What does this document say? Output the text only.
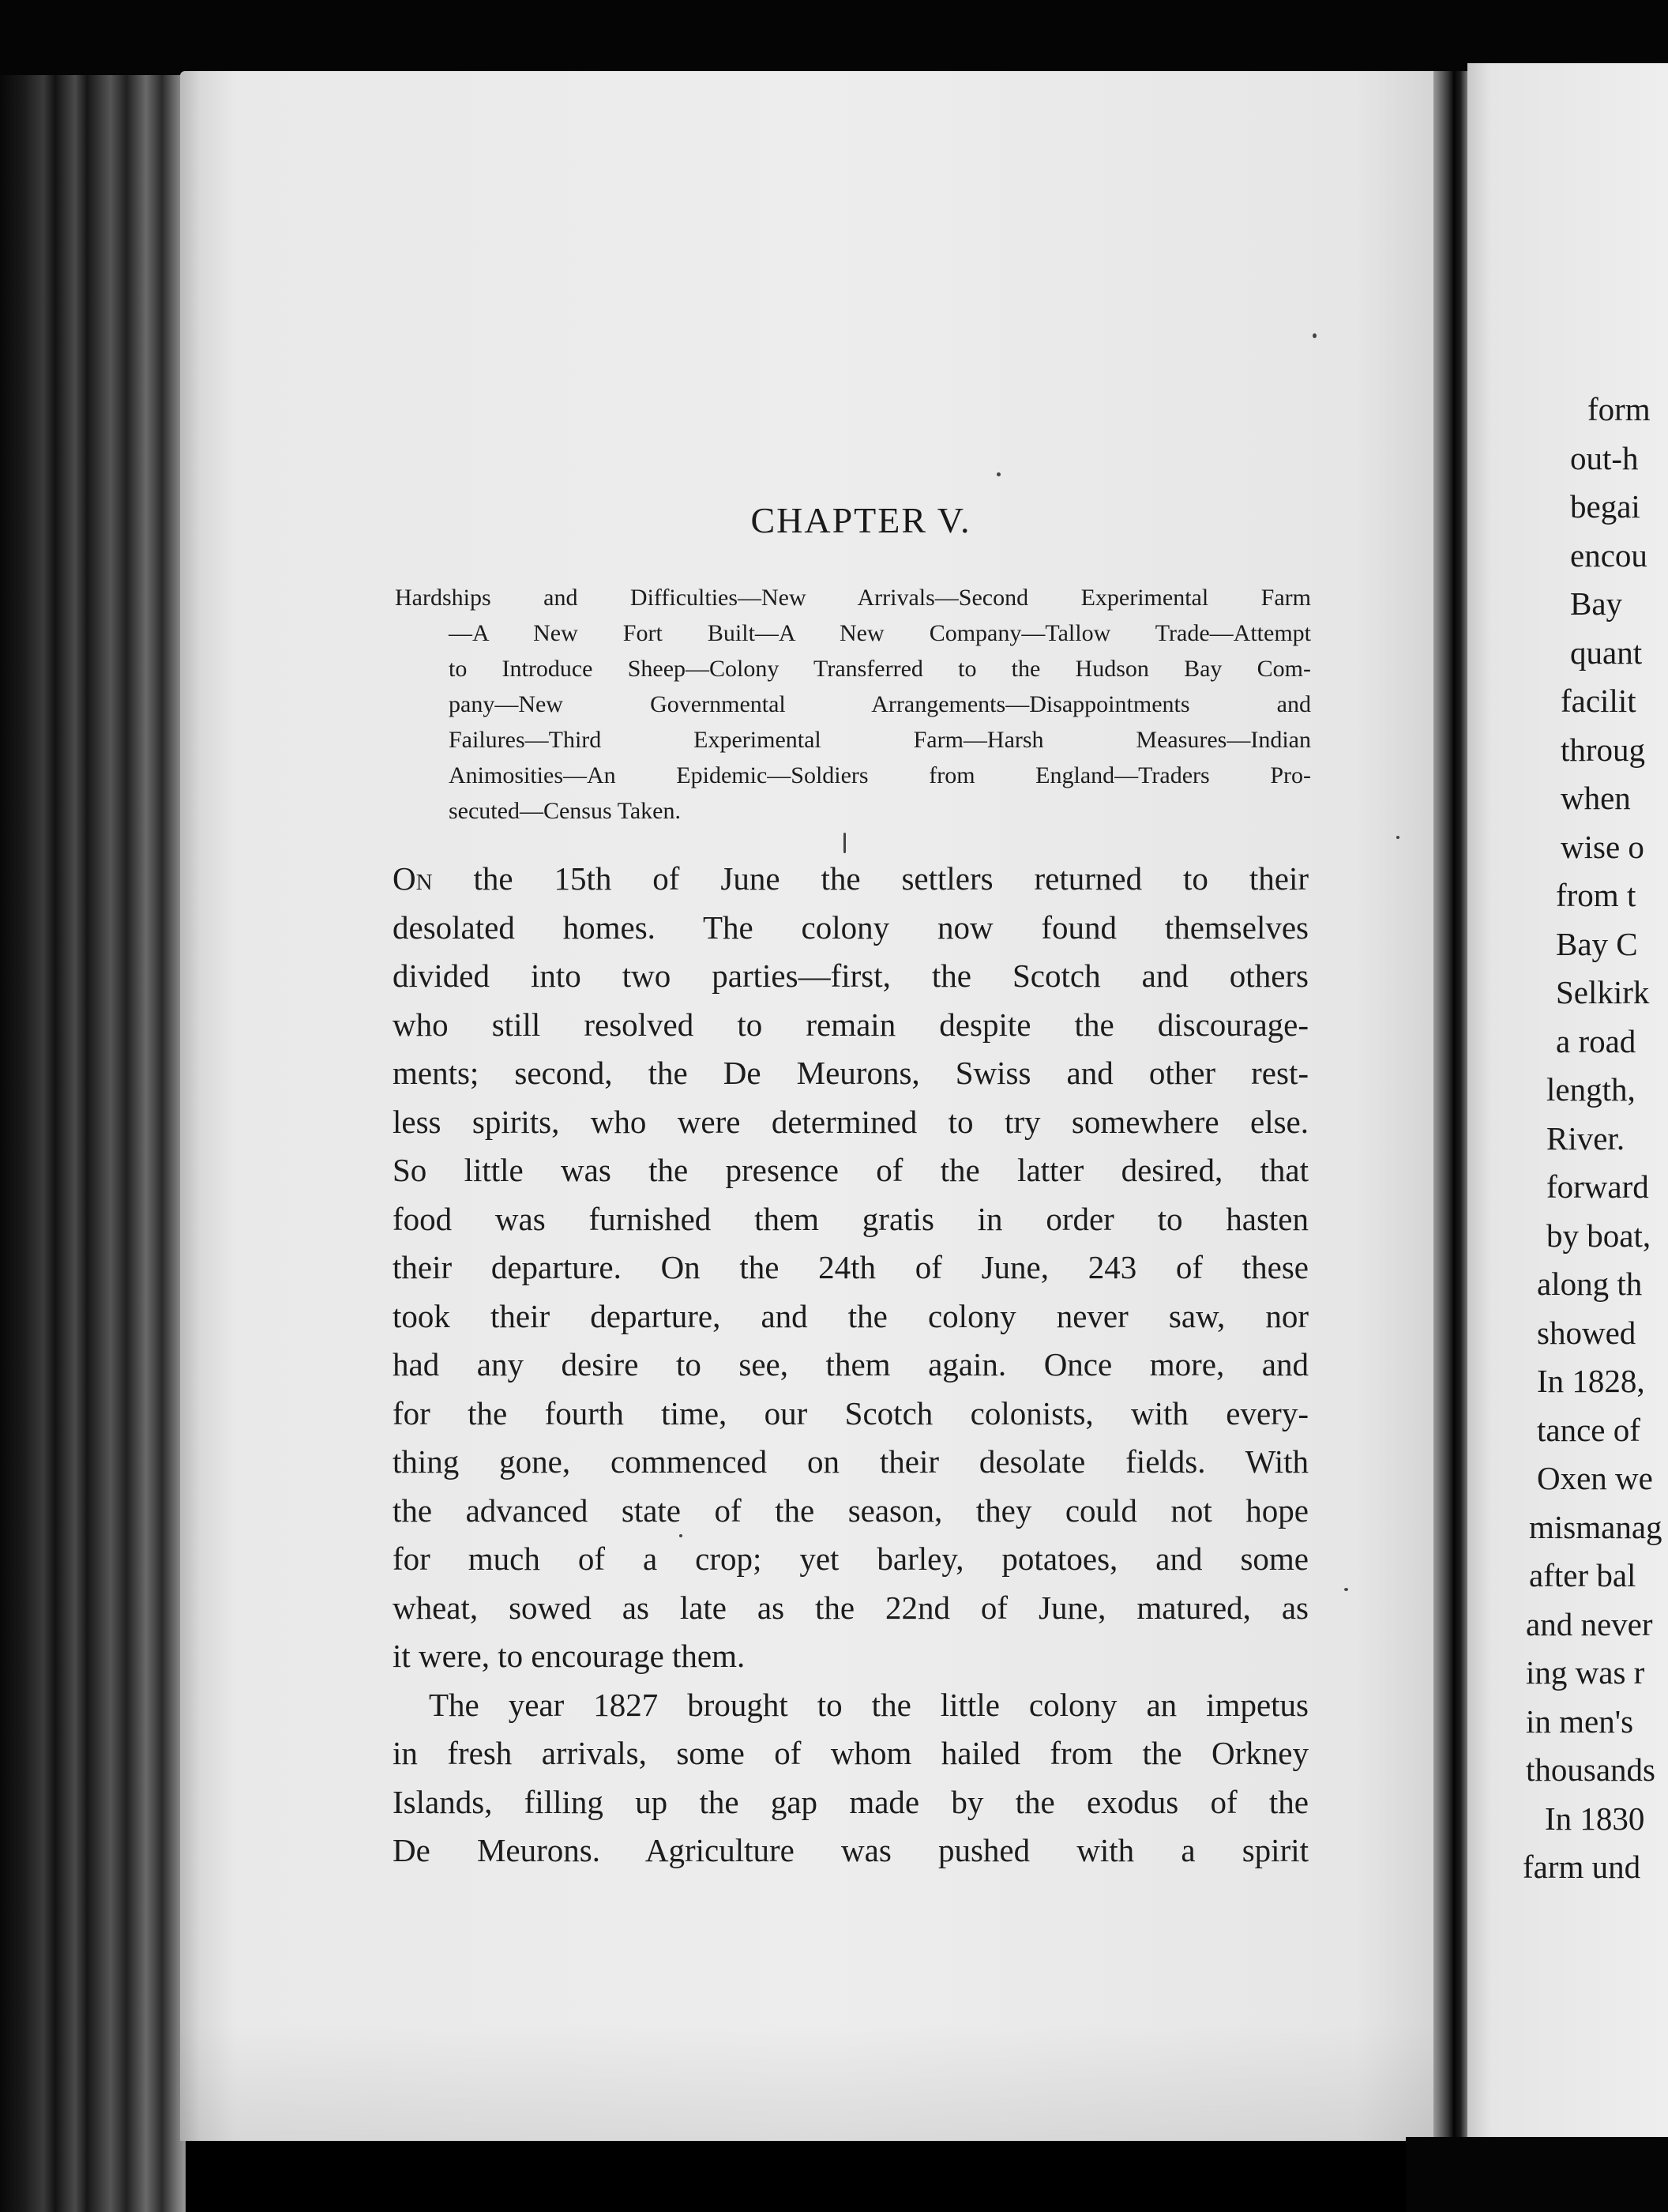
CHAPTER V.
Hardships and Difficulties—New Arrivals—Second Experimental Farm
—A New Fort Built—A New Company—Tallow Trade—Attempt
to Introduce Sheep—Colony Transferred to the Hudson Bay Com-
pany—New Governmental Arrangements—Disappointments and
Failures—Third Experimental Farm—Harsh Measures—Indian
Animosities—An Epidemic—Soldiers from England—Traders Pro-
secuted—Census Taken.
On the 15th of June the settlers returned to their
desolated homes. The colony now found themselves
divided into two parties—first, the Scotch and others
who still resolved to remain despite the discourage-
ments; second, the De Meurons, Swiss and other rest-
less spirits, who were determined to try somewhere else.
So little was the presence of the latter desired, that
food was furnished them gratis in order to hasten
their departure. On the 24th of June, 243 of these
took their departure, and the colony never saw, nor
had any desire to see, them again. Once more, and
for the fourth time, our Scotch colonists, with every-
thing gone, commenced on their desolate fields. With
the advanced state of the season, they could not hope
for much of a crop; yet barley, potatoes, and some
wheat, sowed as late as the 22nd of June, matured, as
it were, to encourage them.
The year 1827 brought to the little colony an impetus
in fresh arrivals, some of whom hailed from the Orkney
Islands, filling up the gap made by the exodus of the
De Meurons. Agriculture was pushed with a spirit
form
out-h
begai
encou
Bay
quant
facilit
throug
when
wise o
from t
Bay C
Selkirk
a road
length,
River.
forward
by boat,
along th
showed
In 1828,
tance of
Oxen we
mismanag
after bal
and never
ing was r
in men's
thousands
In 1830
farm und
